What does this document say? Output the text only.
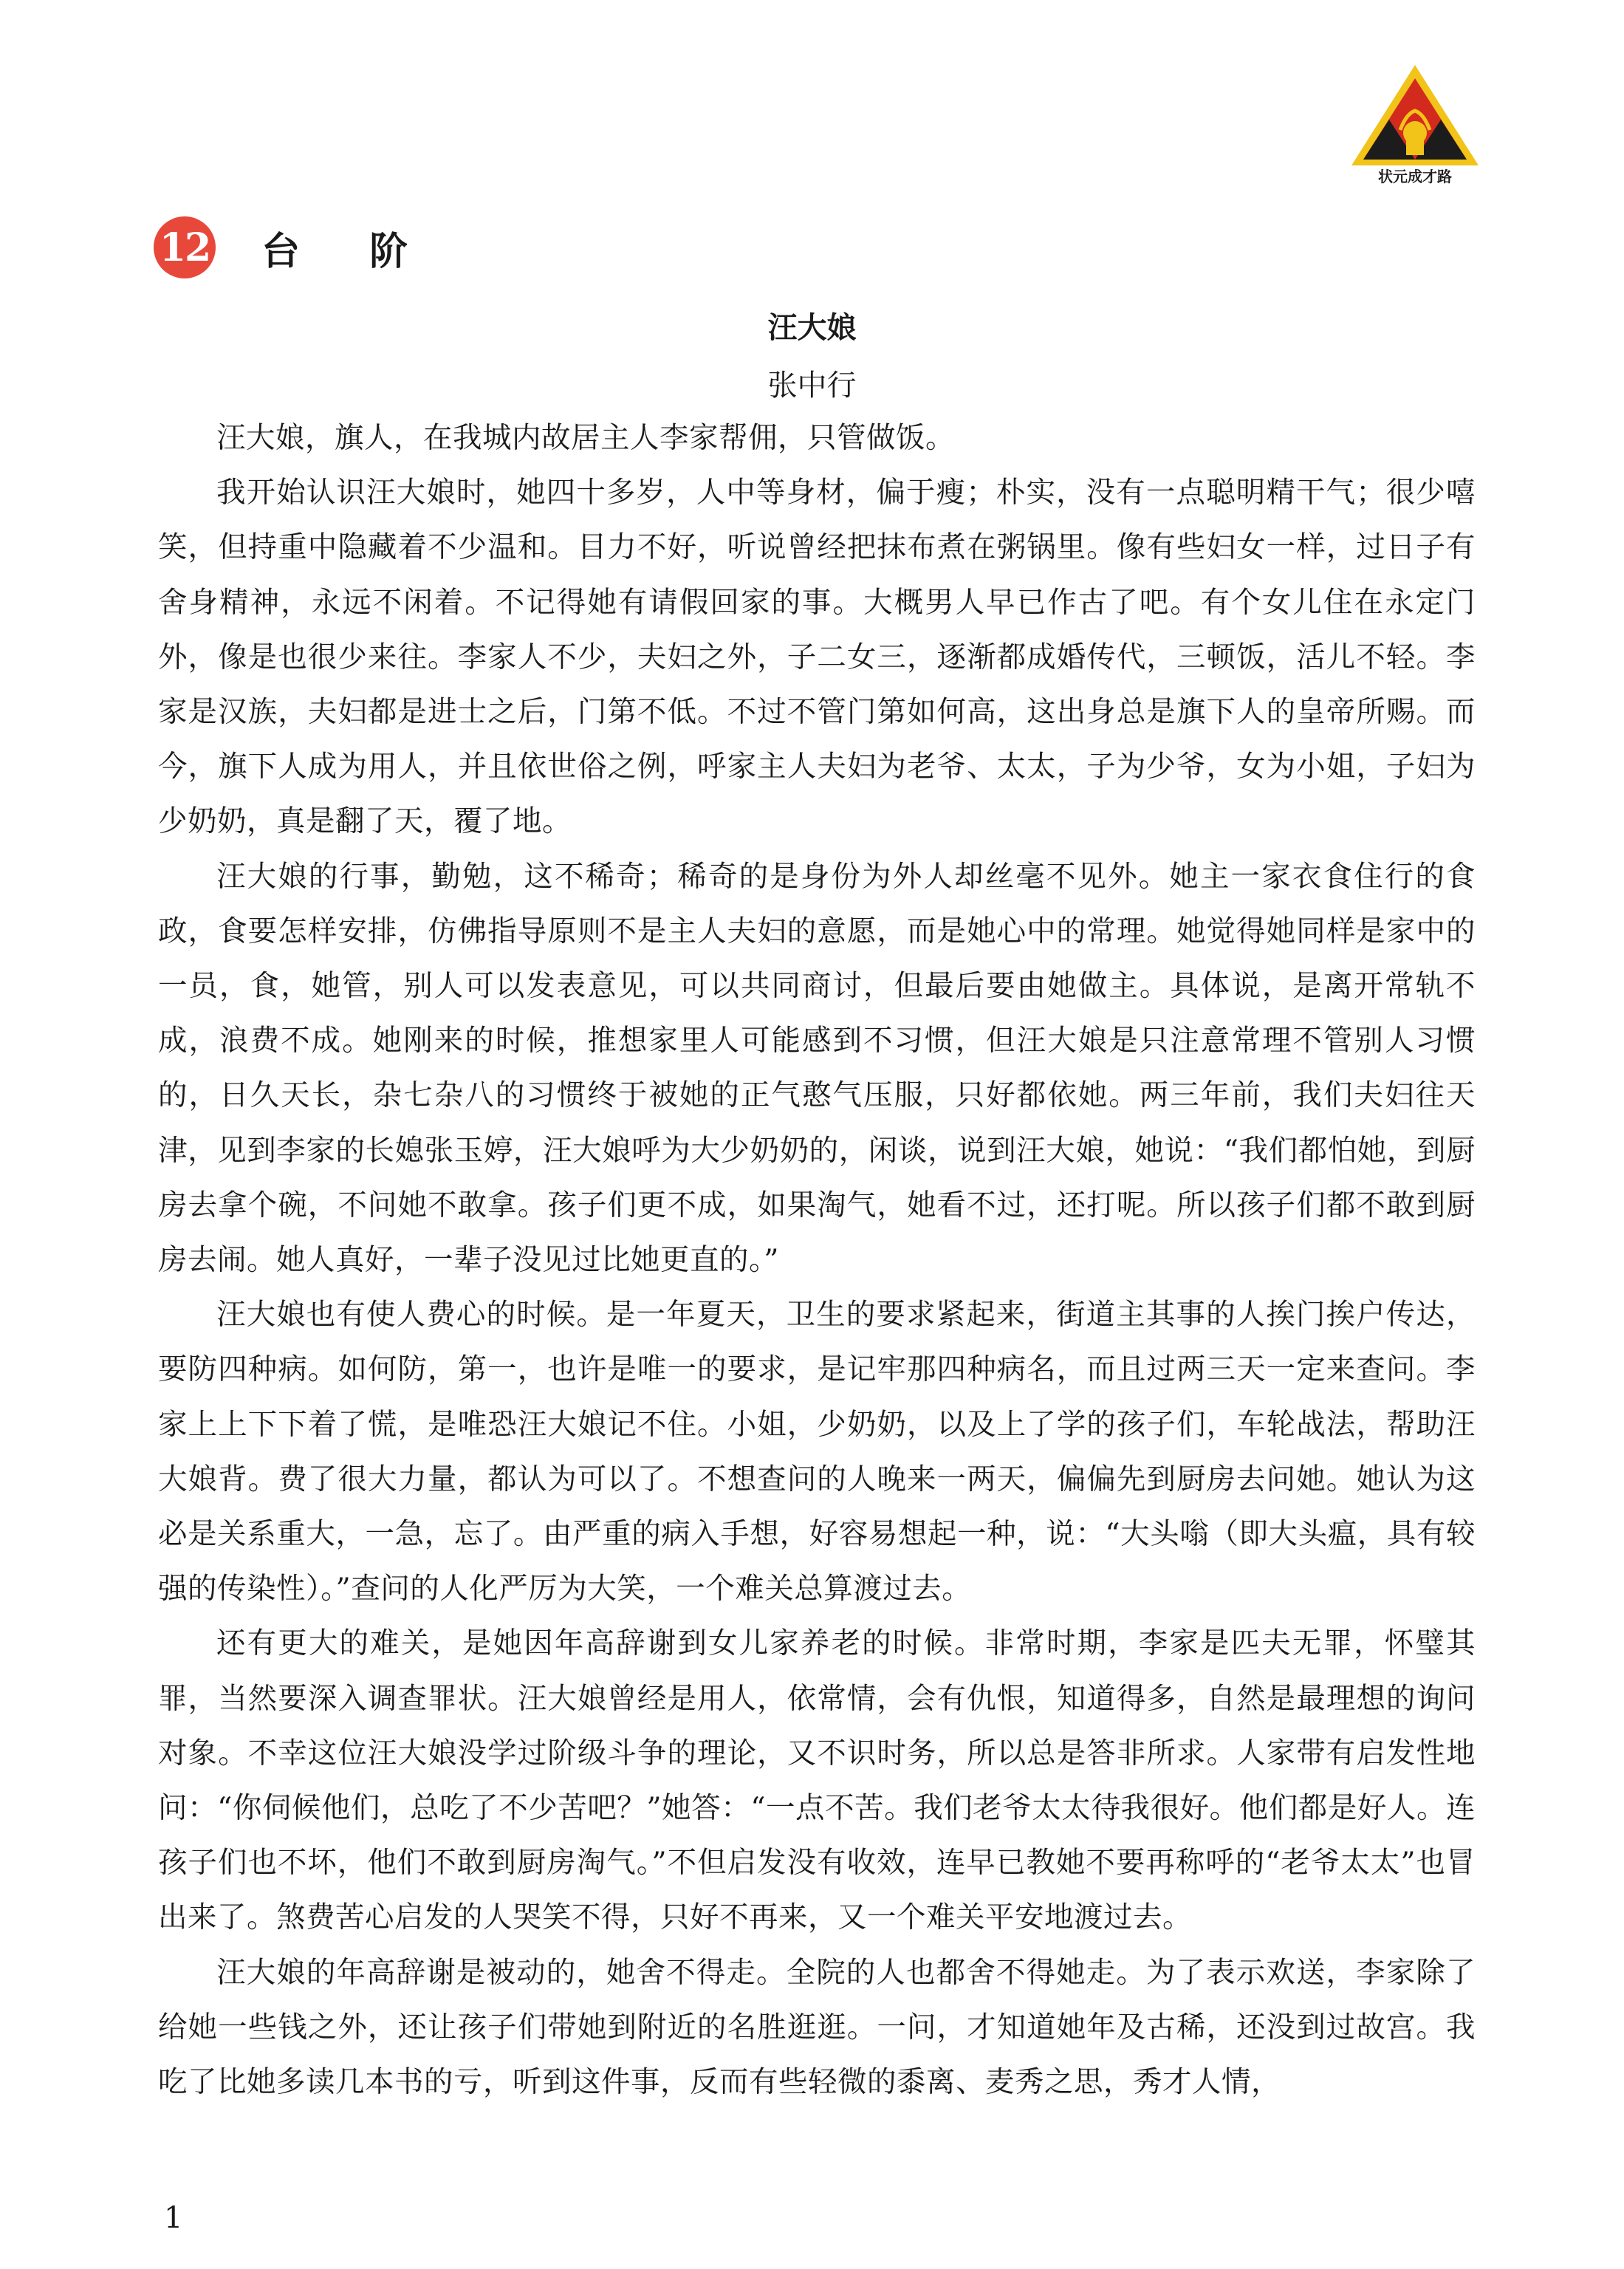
状元成才路
12 台 阶
汪大娘
张中行

汪大娘，旗人，在我城内故居主人李家帮佣，只管做饭。

我开始认识汪大娘时，她四十多岁，人中等身材，偏于瘦；朴实，没有一点聪明精干气；很少嘻笑，但持重中隐藏着不少温和。目力不好，听说曾经把抹布煮在粥锅里。像有些妇女一样，过日子有舍身精神，永远不闲着。不记得她有请假回家的事。大概男人早已作古了吧。有个女儿住在永定门外，像是也很少来往。李家人不少，夫妇之外，子二女三，逐渐都成婚传代，三顿饭，活儿不轻。李家是汉族，夫妇都是进士之后，门第不低。不过不管门第如何高，这出身总是旗下人的皇帝所赐。而今，旗下人成为用人，并且依世俗之例，呼家主人夫妇为老爷、太太，子为少爷，女为小姐，子妇为少奶奶，真是翻了天，覆了地。

汪大娘的行事，勤勉，这不稀奇；稀奇的是身份为外人却丝毫不见外。她主一家衣食住行的食政，食要怎样安排，仿佛指导原则不是主人夫妇的意愿，而是她心中的常理。她觉得她同样是家中的一员，食，她管，别人可以发表意见，可以共同商讨，但最后要由她做主。具体说，是离开常轨不成，浪费不成。她刚来的时候，推想家里人可能感到不习惯，但汪大娘是只注意常理不管别人习惯的，日久天长，杂七杂八的习惯终于被她的正气憨气压服，只好都依她。两三年前，我们夫妇往天津，见到李家的长媳张玉婷，汪大娘呼为大少奶奶的，闲谈，说到汪大娘，她说：“我们都怕她，到厨房去拿个碗，不问她不敢拿。孩子们更不成，如果淘气，她看不过，还打呢。所以孩子们都不敢到厨房去闹。她人真好，一辈子没见过比她更直的。”

汪大娘也有使人费心的时候。是一年夏天，卫生的要求紧起来，街道主其事的人挨门挨户传达，要防四种病。如何防，第一，也许是唯一的要求，是记牢那四种病名，而且过两三天一定来查问。李家上上下下着了慌，是唯恐汪大娘记不住。小姐，少奶奶，以及上了学的孩子们，车轮战法，帮助汪大娘背。费了很大力量，都认为可以了。不想查问的人晚来一两天，偏偏先到厨房去问她。她认为这必是关系重大，一急，忘了。由严重的病入手想，好容易想起一种，说：“大头嗡（即大头瘟，具有较强的传染性）。”查问的人化严厉为大笑，一个难关总算渡过去。

还有更大的难关，是她因年高辞谢到女儿家养老的时候。非常时期，李家是匹夫无罪，怀璧其罪，当然要深入调查罪状。汪大娘曾经是用人，依常情，会有仇恨，知道得多，自然是最理想的询问对象。不幸这位汪大娘没学过阶级斗争的理论，又不识时务，所以总是答非所求。人家带有启发性地问：“你伺候他们，总吃了不少苦吧？”她答：“一点不苦。我们老爷太太待我很好。他们都是好人。连孩子们也不坏，他们不敢到厨房淘气。”不但启发没有收效，连早已教她不要再称呼的“老爷太太”也冒出来了。煞费苦心启发的人哭笑不得，只好不再来，又一个难关平安地渡过去。

汪大娘的年高辞谢是被动的，她舍不得走。全院的人也都舍不得她走。为了表示欢送，李家除了给她一些钱之外，还让孩子们带她到附近的名胜逛逛。一问，才知道她年及古稀，还没到过故宫。我吃了比她多读几本书的亏，听到这件事，反而有些轻微的黍离、麦秀之思，秀才人情，

1
